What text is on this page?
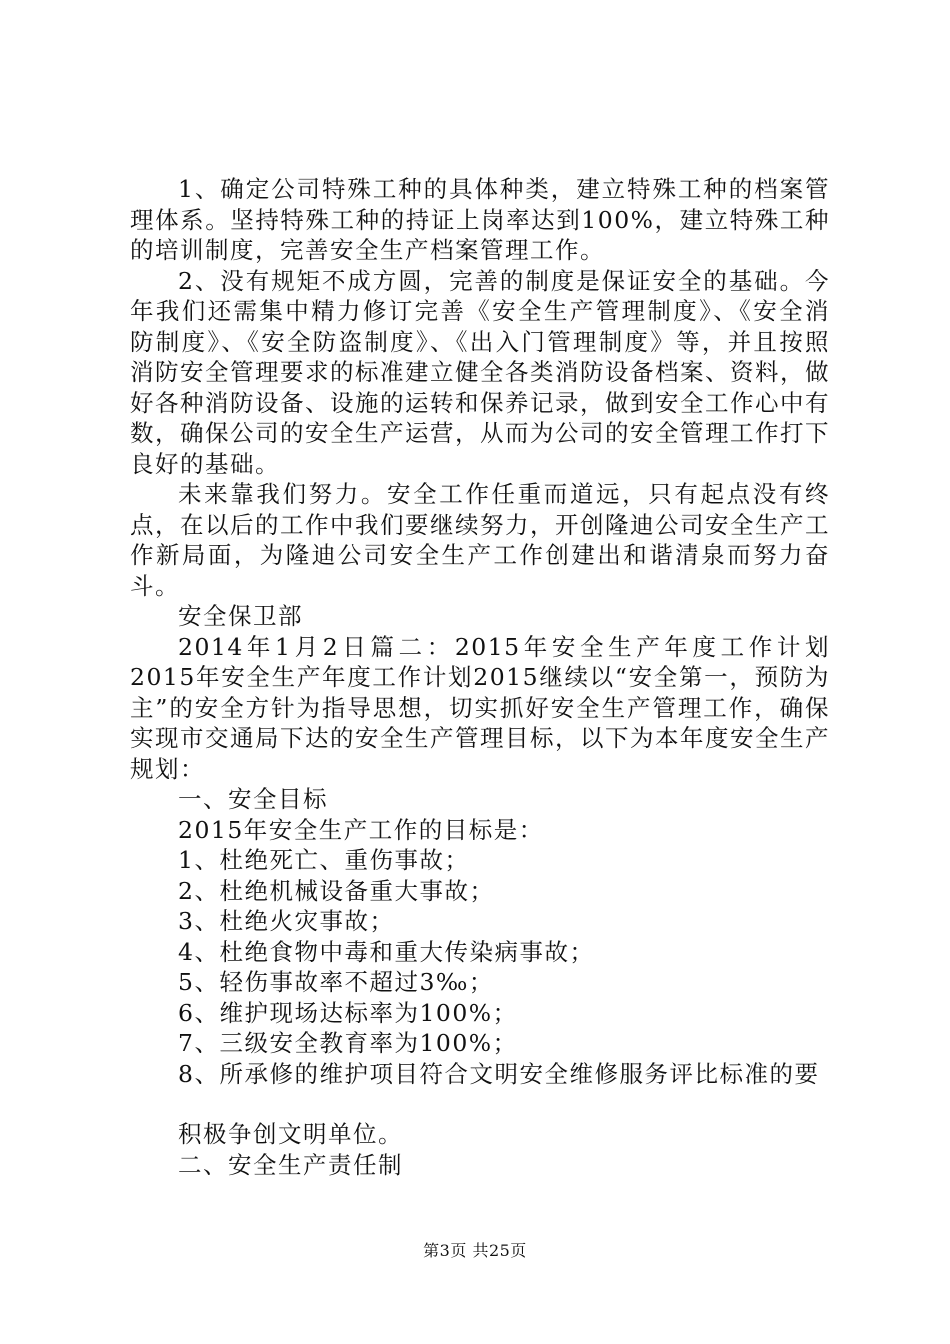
1、确定公司特殊工种的具体种类，建立特殊工种的档案管理体系。坚持特殊工种的持证上岗率达到100%，建立特殊工种的培训制度，完善安全生产档案管理工作。

2、没有规矩不成方圆，完善的制度是保证安全的基础。今年我们还需集中精力修订完善《安全生产管理制度》、《安全消防制度》、《安全防盗制度》、《出入门管理制度》等，并且按照消防安全管理要求的标准建立健全各类消防设备档案、资料，做好各种消防设备、设施的运转和保养记录，做到安全工作心中有数，确保公司的安全生产运营，从而为公司的安全管理工作打下良好的基础。

未来靠我们努力。安全工作任重而道远，只有起点没有终点，在以后的工作中我们要继续努力，开创隆迪公司安全生产工作新局面，为隆迪公司安全生产工作创建出和谐清泉而努力奋斗。

安全保卫部

2014年1月2日篇二：2015年安全生产年度工作计划2015年安全生产年度工作计划2015继续以“安全第一，预防为主”的安全方针为指导思想，切实抓好安全生产管理工作，确保实现市交通局下达的安全生产管理目标，以下为本年度安全生产规划：

一、安全目标

2015年安全生产工作的目标是：

1、杜绝死亡、重伤事故；

2、杜绝机械设备重大事故；

3、杜绝火灾事故；

4、杜绝食物中毒和重大传染病事故；

5、轻伤事故率不超过3‰；

6、维护现场达标率为100%；

7、三级安全教育率为100%；

8、所承修的维护项目符合文明安全维修服务评比标准的要

积极争创文明单位。

二、安全生产责任制

第3页 共25页
